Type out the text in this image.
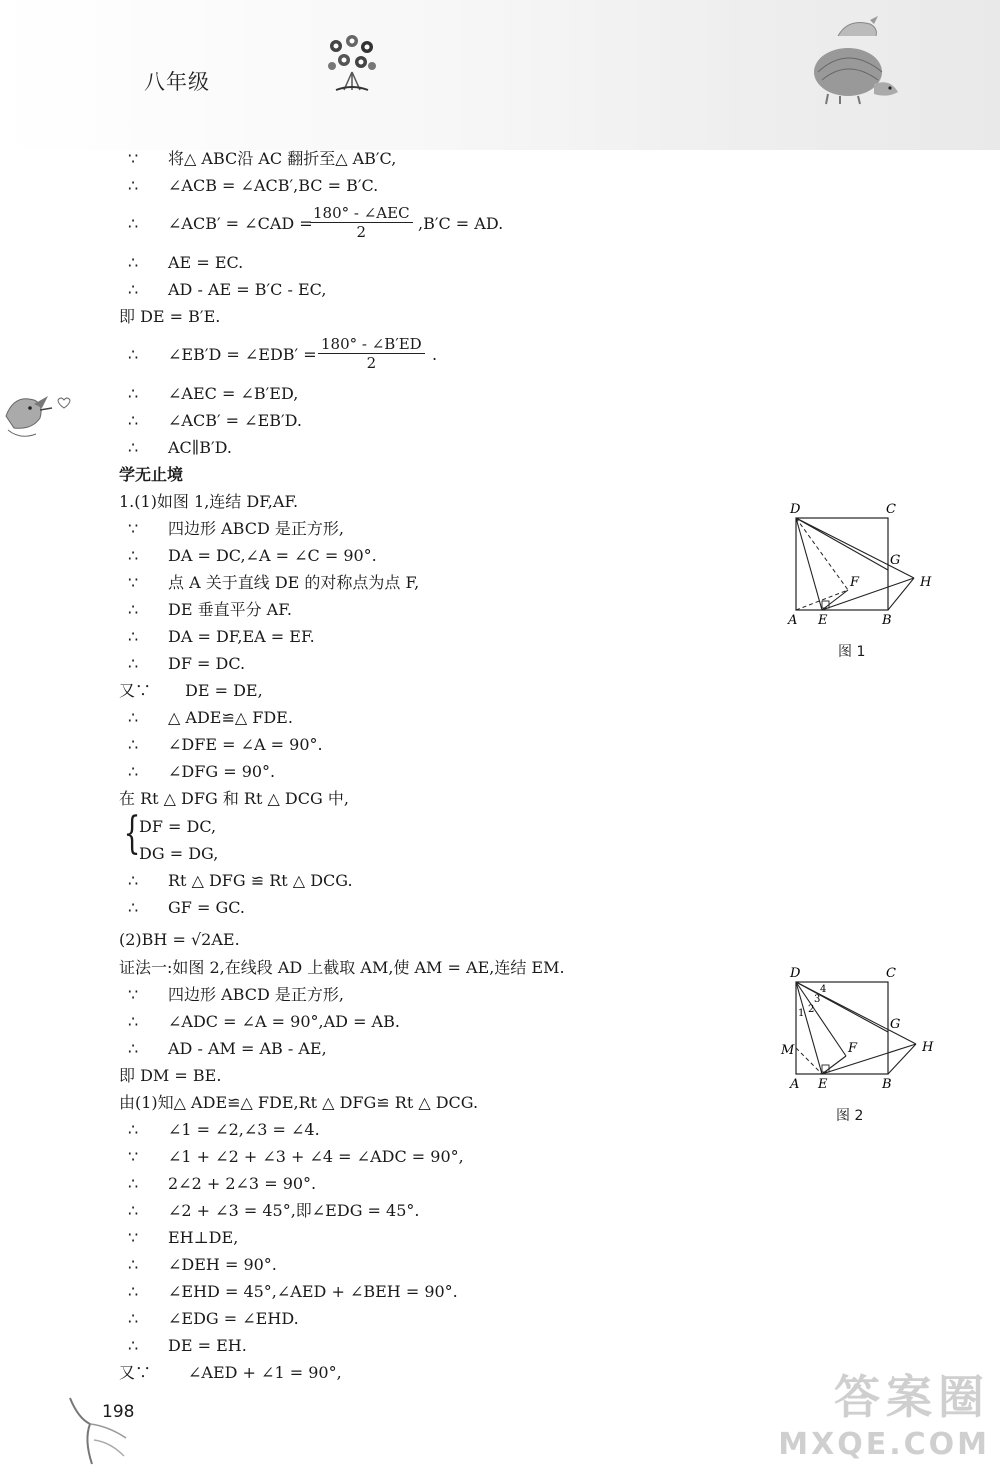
八年级
198
∵	将△ ABC沿 AC 翻折至△ AB′C,
∴	∠ACB = ∠ACB′,BC = B′C.
∴	∠ACB′ = ∠CAD =
180° - ∠AEC
2	,B′C = AD.
∴	AE = EC.
∴	AD - AE = B′C - EC,
即 DE = B′E.
∴	∠EB′D = ∠EDB′ =
180° - ∠B′ED
2	.
∴	∠AEC = ∠B′ED,
∴	∠ACB′ = ∠EB′D.
∴	AC∥B′D.
学无止境
1.(1)如图 1,连结 DF,AF.
∵	四边形 ABCD 是正方形,
∴	DA = DC,∠A = ∠C = 90°.
∵	点 A 关于直线 DE 的对称点为点 F,
∴	DE 垂直平分 AF.
∴	DA = DF,EA = EF.
∴	DF = DC.
又∵ DE = DE,
∴	△ ADE≌△ FDE.
∴	∠DFE = ∠A = 90°.
∴	∠DFG = 90°.
在 Rt △ DFG 和 Rt △ DCG 中,
{
DF = DC,
DG = DG,
∴	Rt △ DFG ≌ Rt △ DCG.
∴	GF = GC.
(2)BH = √2AE.
证法一:如图 2,在线段 AD 上截取 AM,使 AM = AE,连结 EM.
∵	四边形 ABCD 是正方形,
∴	∠ADC = ∠A = 90°,AD = AB.
∴	AD - AM = AB - AE,
即 DM = BE.
由(1)知△ ADE≌△ FDE,Rt △ DFG≌ Rt △ DCG.
∴	∠1 = ∠2,∠3 = ∠4.
∵	∠1 + ∠2 + ∠3 + ∠4 = ∠ADC = 90°,
∴	2∠2 + 2∠3 = 90°.
∴	∠2 + ∠3 = 45°,即∠EDG = 45°.
∵	EH⊥DE,
∴	∠DEH = 90°.
∴	∠EHD = 45°,∠AED + ∠BEH = 90°.
∴	∠EDG = ∠EHD.
∴	DE = EH.
又∵ ∠AED + ∠1 = 90°,
D	C
G
F	H
A E	B
图 1
D	C
G
F	H
M
A E	B
1 2
3
4
图 2
答案圈
MXQE.COM
